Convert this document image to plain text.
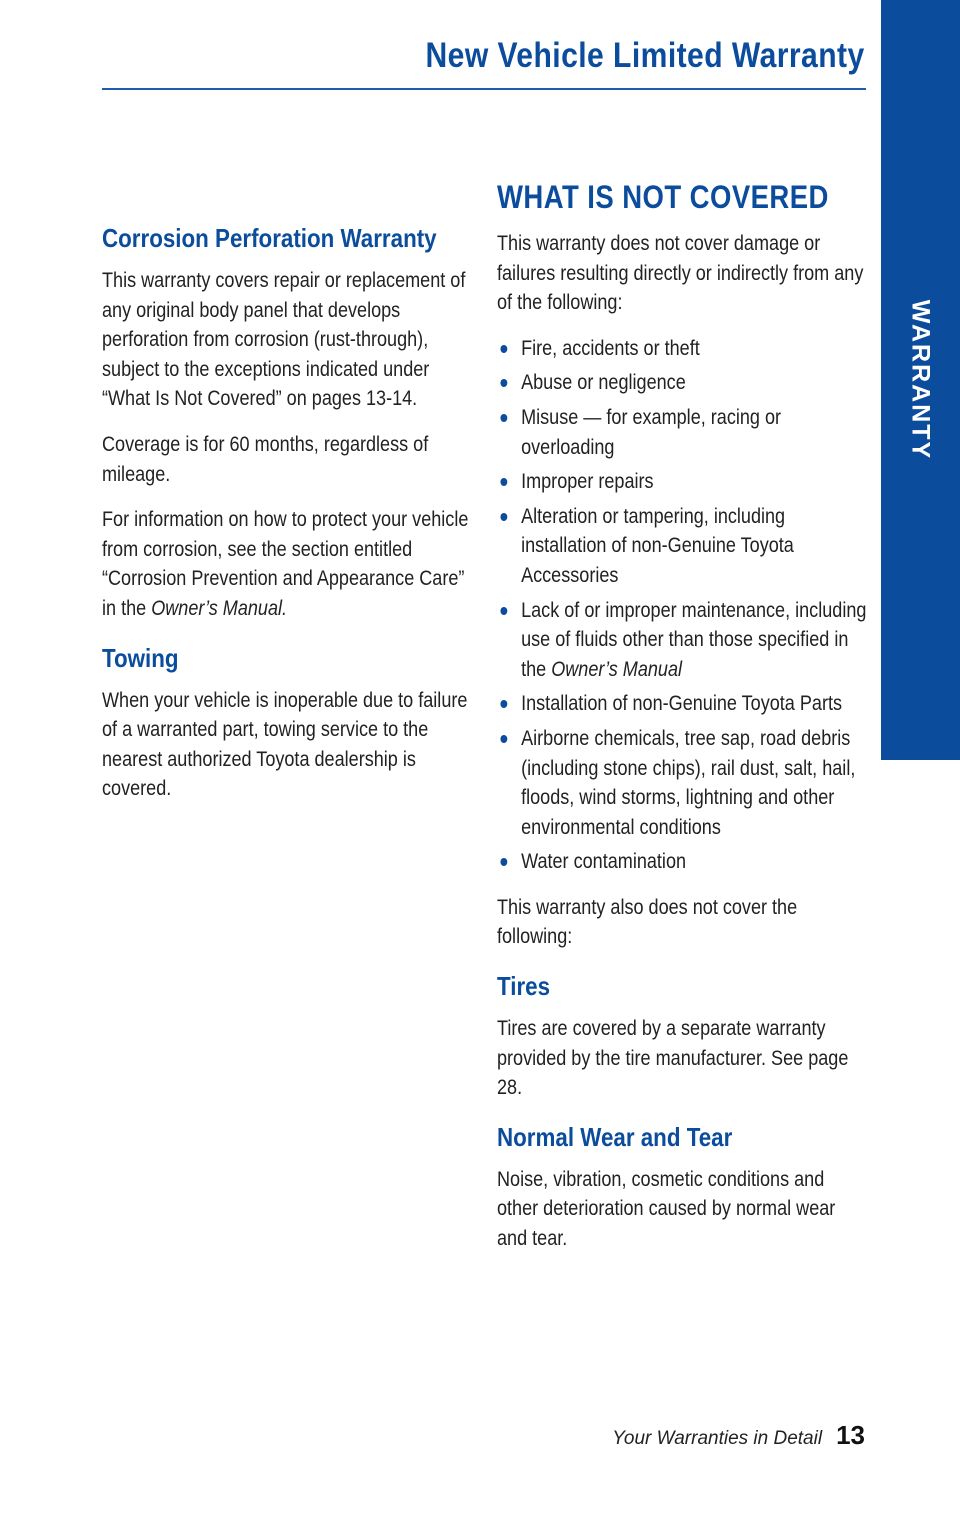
New Vehicle Limited Warranty
WARRANTY
Corrosion Perforation Warranty

This warranty covers repair or replacement of any original body panel that develops perforation from corrosion (rust-through), subject to the exceptions indicated under “What Is Not Covered” on pages 13-14.

Coverage is for 60 months, regardless of mileage.

For information on how to protect your vehicle from corrosion, see the section entitled “Corrosion Prevention and Appearance Care” in the Owner’s Manual.

Towing

When your vehicle is inoperable due to failure of a warranted part, towing service to the nearest authorized Toyota dealership is covered.

WHAT IS NOT COVERED

This warranty does not cover damage or failures resulting directly or indirectly from any of the following:

Fire, accidents or theft
Abuse or negligence
Misuse — for example, racing or overloading
Improper repairs
Alteration or tampering, including installation of non-Genuine Toyota Accessories
Lack of or improper maintenance, including use of fluids other than those specified in the Owner’s Manual
Installation of non-Genuine Toyota Parts
Airborne chemicals, tree sap, road debris (including stone chips), rail dust, salt, hail, floods, wind storms, lightning and other environmental conditions
Water contamination

This warranty also does not cover the following:

Tires

Tires are covered by a separate warranty provided by the tire manufacturer. See page 28.

Normal Wear and Tear

Noise, vibration, cosmetic conditions and other deterioration caused by normal wear and tear.

Your Warranties in Detail 13
